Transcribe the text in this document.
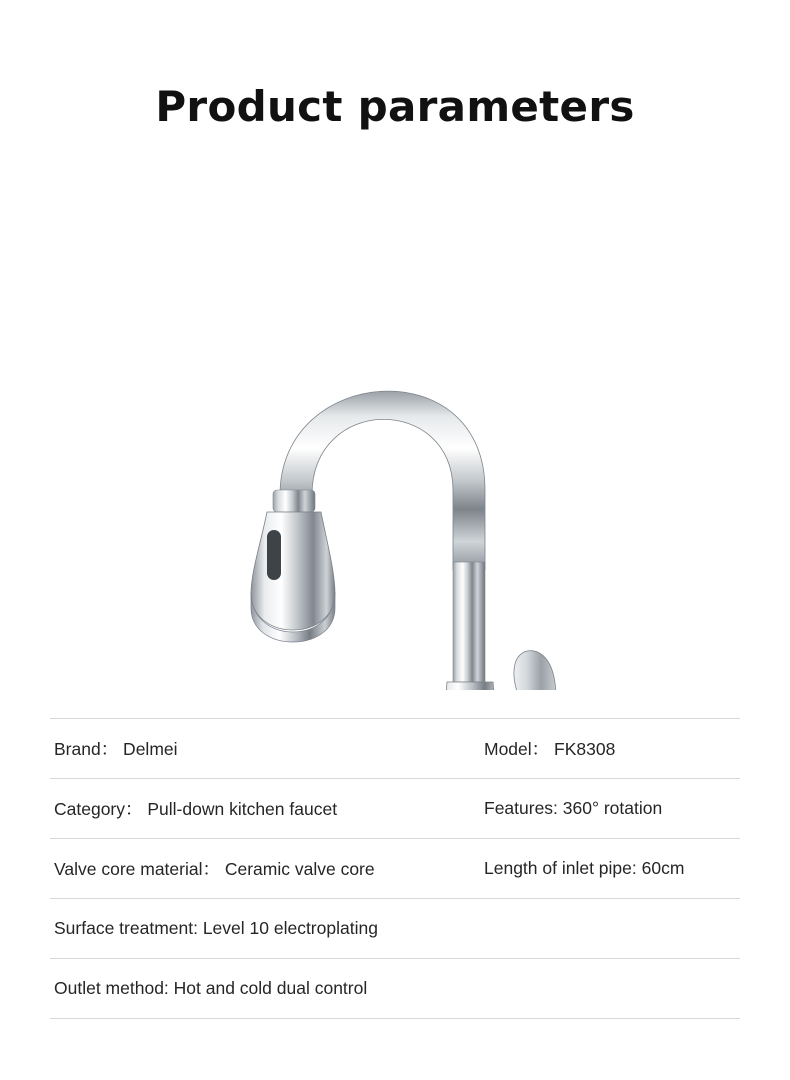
Product parameters
Brand： Delmei	Model： FK8308
Category： Pull-down kitchen faucet	Features: 360° rotation
Valve core material： Ceramic valve core	Length of inlet pipe: 60cm
Surface treatment: Level 10 electroplating
Outlet method: Hot and cold dual control
